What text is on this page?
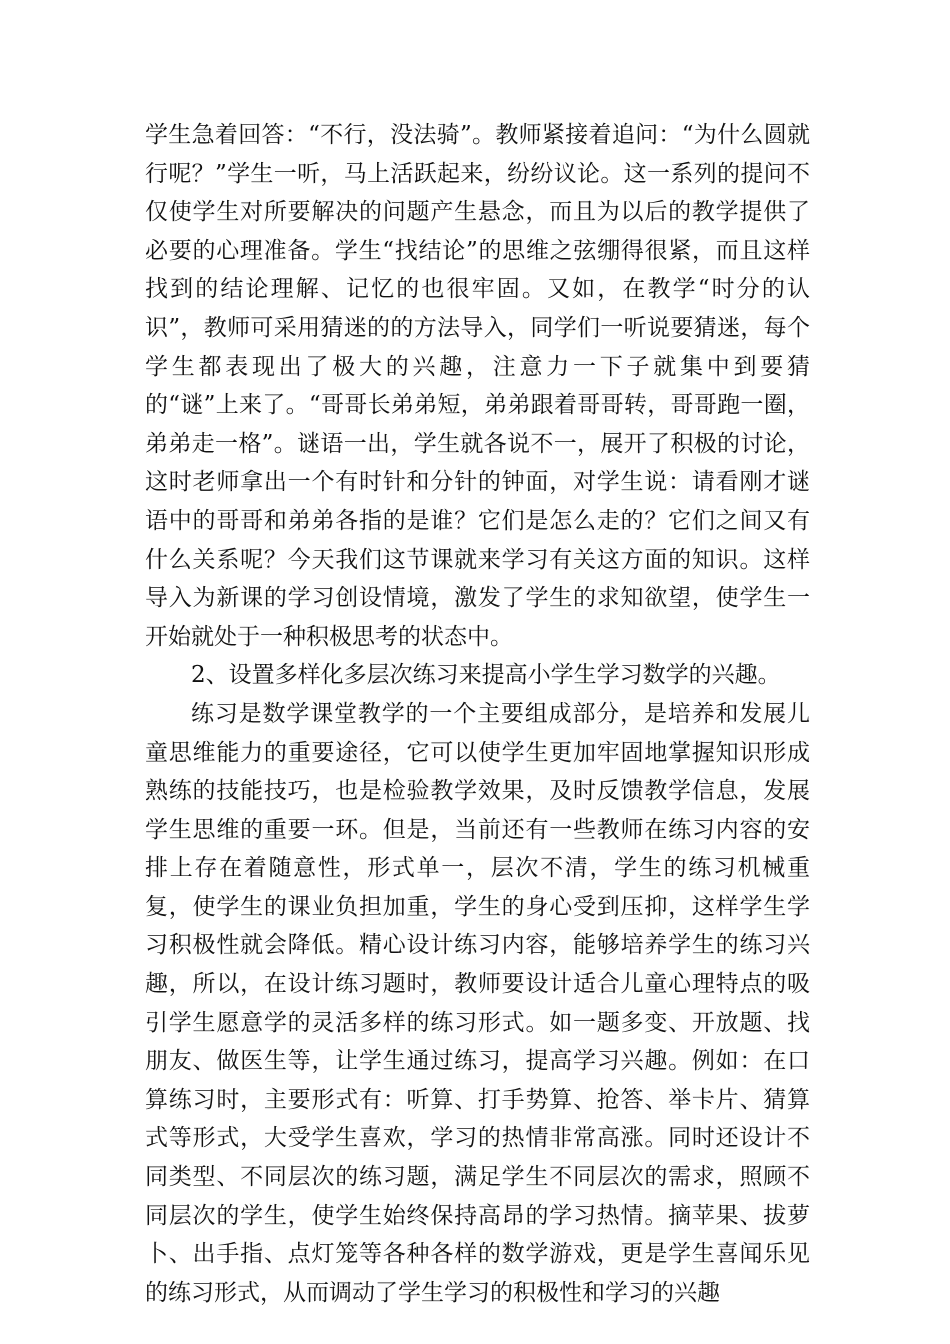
学生急着回答：“不行，没法骑”。教师紧接着追问：“为什么圆就行呢？”学生一听，马上活跃起来，纷纷议论。这一系列的提问不仅使学生对所要解决的问题产生悬念，而且为以后的教学提供了必要的心理准备。学生“找结论”的思维之弦绷得很紧，而且这样找到的结论理解、记忆的也很牢固。又如，在教学“时分的认识”，教师可采用猜迷的的方法导入，同学们一听说要猜迷，每个学生都表现出了极大的兴趣，注意力一下子就集中到要猜的“谜”上来了。“哥哥长弟弟短，弟弟跟着哥哥转，哥哥跑一圈，弟弟走一格”。谜语一出，学生就各说不一，展开了积极的讨论，这时老师拿出一个有时针和分针的钟面，对学生说：请看刚才谜语中的哥哥和弟弟各指的是谁？它们是怎么走的？它们之间又有什么关系呢？今天我们这节课就来学习有关这方面的知识。这样导入为新课的学习创设情境，激发了学生的求知欲望，使学生一开始就处于一种积极思考的状态中。

2、设置多样化多层次练习来提高小学生学习数学的兴趣。

练习是数学课堂教学的一个主要组成部分，是培养和发展儿童思维能力的重要途径，它可以使学生更加牢固地掌握知识形成熟练的技能技巧，也是检验教学效果，及时反馈教学信息，发展学生思维的重要一环。但是，当前还有一些教师在练习内容的安排上存在着随意性，形式单一，层次不清，学生的练习机械重复，使学生的课业负担加重，学生的身心受到压抑，这样学生学习积极性就会降低。精心设计练习内容，能够培养学生的练习兴趣，所以，在设计练习题时，教师要设计适合儿童心理特点的吸引学生愿意学的灵活多样的练习形式。如一题多变、开放题、找朋友、做医生等，让学生通过练习，提高学习兴趣。例如：在口算练习时，主要形式有：听算、打手势算、抢答、举卡片、猜算式等形式，大受学生喜欢，学习的热情非常高涨。同时还设计不同类型、不同层次的练习题，满足学生不同层次的需求，照顾不同层次的学生，使学生始终保持高昂的学习热情。摘苹果、拔萝卜、出手指、点灯笼等各种各样的数学游戏，更是学生喜闻乐见的练习形式，从而调动了学生学习的积极性和学习的兴趣
